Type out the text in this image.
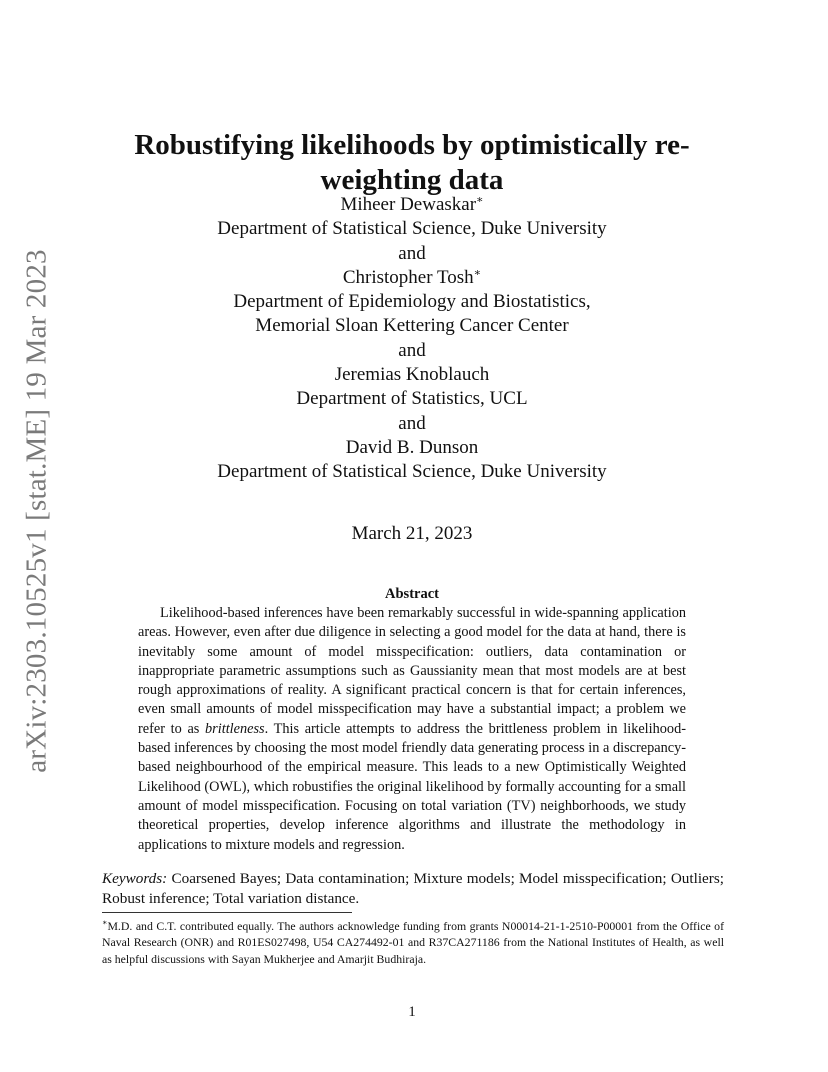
arXiv:2303.10525v1 [stat.ME] 19 Mar 2023
Robustifying likelihoods by optimistically re-weighting data
Miheer Dewaskar∗
Department of Statistical Science, Duke University
and
Christopher Tosh∗
Department of Epidemiology and Biostatistics,
Memorial Sloan Kettering Cancer Center
and
Jeremias Knoblauch
Department of Statistics, UCL
and
David B. Dunson
Department of Statistical Science, Duke University
March 21, 2023
Abstract

Likelihood-based inferences have been remarkably successful in wide-spanning application areas. However, even after due diligence in selecting a good model for the data at hand, there is inevitably some amount of model misspecification: outliers, data contamination or inappropriate parametric assumptions such as Gaussianity mean that most models are at best rough approximations of reality. A significant practical concern is that for certain inferences, even small amounts of model misspecification may have a substantial impact; a problem we refer to as brittleness. This article attempts to address the brittleness problem in likelihood-based inferences by choosing the most model friendly data generating process in a discrepancy-based neighbourhood of the empirical measure. This leads to a new Optimistically Weighted Likelihood (OWL), which robustifies the original likelihood by formally accounting for a small amount of model misspecification. Focusing on total variation (TV) neighborhoods, we study theoretical properties, develop inference algorithms and illustrate the methodology in applications to mixture models and regression.

Keywords: Coarsened Bayes; Data contamination; Mixture models; Model misspecification; Outliers; Robust inference; Total variation distance.

∗M.D. and C.T. contributed equally. The authors acknowledge funding from grants N00014-21-1-2510-P00001 from the Office of Naval Research (ONR) and R01ES027498, U54 CA274492-01 and R37CA271186 from the National Institutes of Health, as well as helpful discussions with Sayan Mukherjee and Amarjit Budhiraja.

1
